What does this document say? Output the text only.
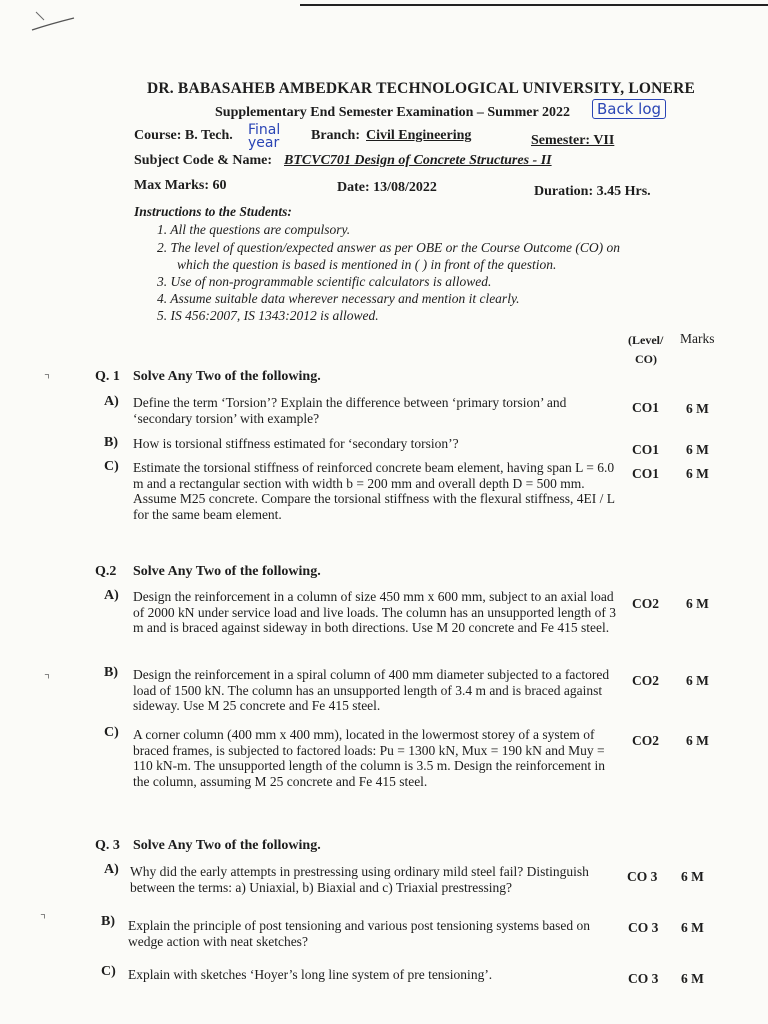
DR. BABASAHEB AMBEDKAR TECHNOLOGICAL UNIVERSITY, LONERE
Supplementary End Semester Examination – Summer 2022	Back log
Course: B. Tech. Final year	Branch: Civil Engineering	Semester: VII
Subject Code & Name: BTCVC701 Design of Concrete Structures - II
Max Marks: 60	Date: 13/08/2022	Duration: 3.45 Hrs.
Instructions to the Students:
1. All the questions are compulsory.
2. The level of question/expected answer as per OBE or the Course Outcome (CO) on
which the question is based is mentioned in ( ) in front of the question.
3. Use of non-programmable scientific calculators is allowed.
4. Assume suitable data wherever necessary and mention it clearly.
5. IS 456:2007, IS 1343:2012 is allowed.
(Level/
CO)
Marks
⌝
⌝
⌝
Q. 1 Solve Any Two of the following.
A) Define the term ‘Torsion’? Explain the difference between ‘primary torsion’ and ‘secondary torsion’ with example?
CO1 6 M
B) How is torsional stiffness estimated for ‘secondary torsion’?	CO1 6 M
C) Estimate the torsional stiffness of reinforced concrete beam element, having span L = 6.0 m and a rectangular section with width b = 200 mm and overall depth D = 500 mm. Assume M25 concrete. Compare the torsional stiffness with the flexural stiffness, 4EI / L for the same beam element.
CO1 6 M
Q.2 Solve Any Two of the following.
A) Design the reinforcement in a column of size 450 mm x 600 mm, subject to an axial load of 2000 kN under service load and live loads. The column has an unsupported length of 3 m and is braced against sideway in both directions. Use M 20 concrete and Fe 415 steel.
CO2 6 M
B) Design the reinforcement in a spiral column of 400 mm diameter subjected to a factored load of 1500 kN. The column has an unsupported length of 3.4 m and is braced against sideway. Use M 25 concrete and Fe 415 steel.
CO2 6 M
C) A corner column (400 mm x 400 mm), located in the lowermost storey of a system of braced frames, is subjected to factored loads: Pu = 1300 kN, Mux = 190 kN and Muy = 110 kN-m. The unsupported length of the column is 3.5 m. Design the reinforcement in the column, assuming M 25 concrete and Fe 415 steel.
CO2 6 M
Q. 3 Solve Any Two of the following.
A) Why did the early attempts in prestressing using ordinary mild steel fail? Distinguish between the terms: a) Uniaxial, b) Biaxial and c) Triaxial prestressing?
CO 3 6 M
B) Explain the principle of post tensioning and various post tensioning systems based on wedge action with neat sketches?
CO 3 6 M
C) Explain with sketches ‘Hoyer’s long line system of pre tensioning’.	CO 3 6 M
